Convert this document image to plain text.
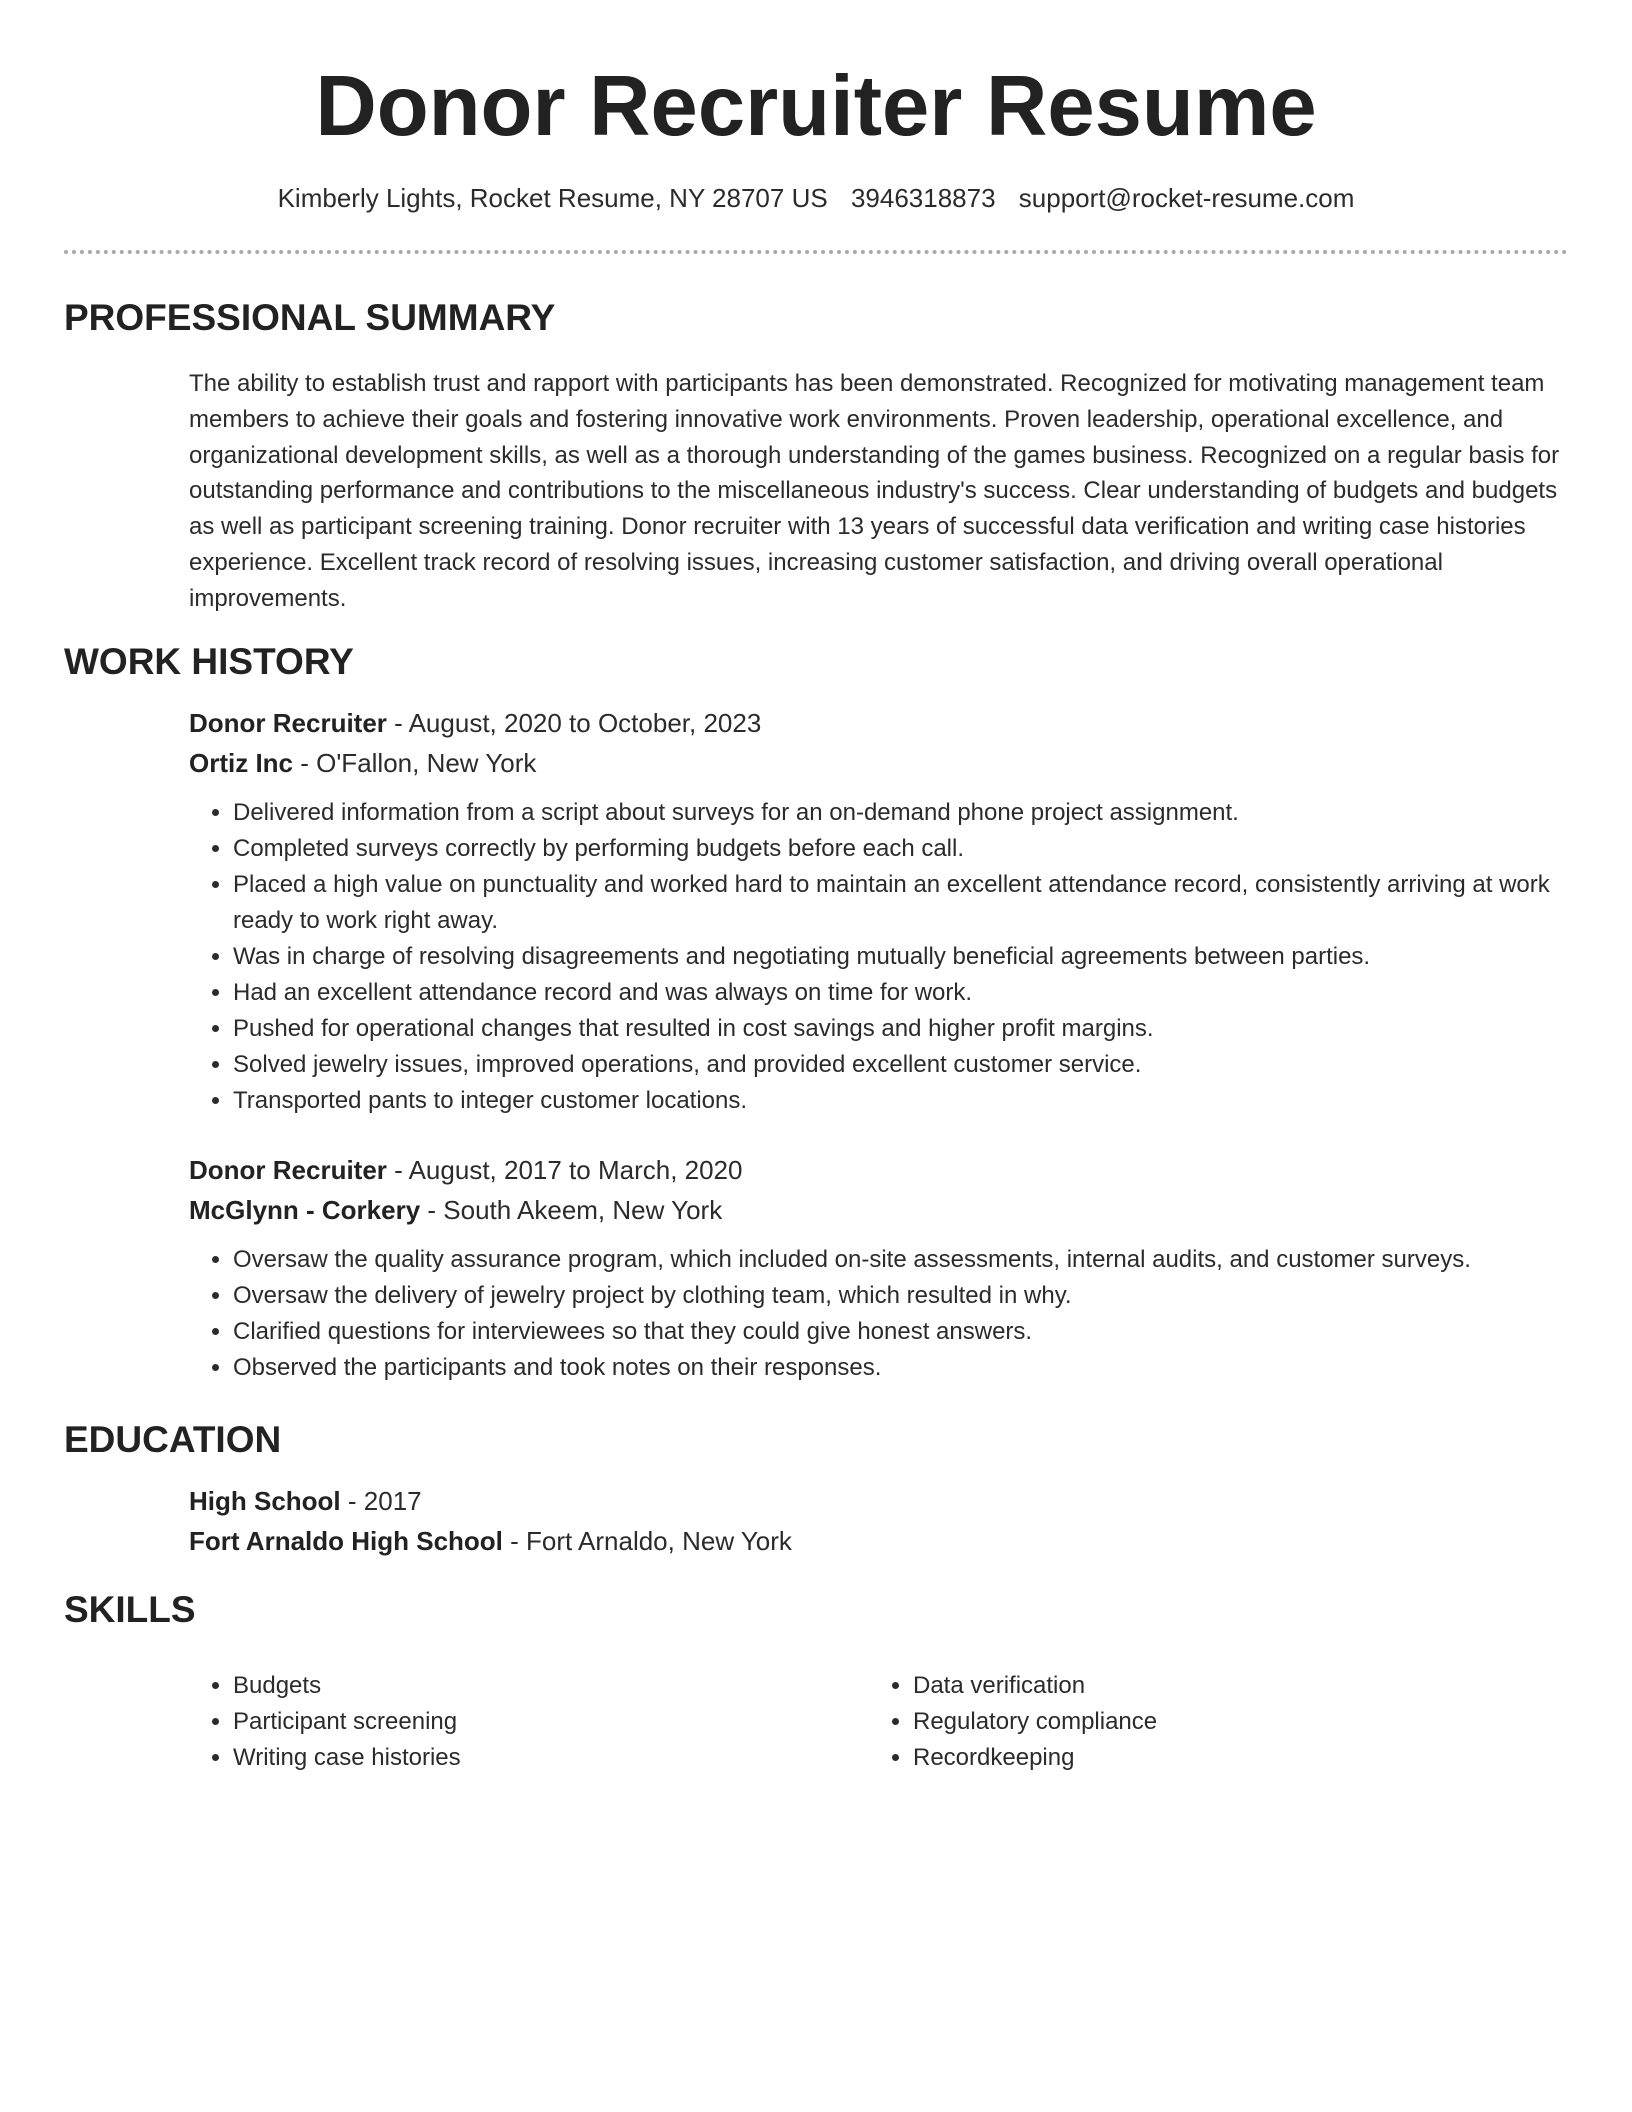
Donor Recruiter Resume
Kimberly Lights, Rocket Resume, NY 28707 US 3946318873 support@rocket-resume.com
PROFESSIONAL SUMMARY

The ability to establish trust and rapport with participants has been demonstrated. Recognized for motivating management team members to achieve their goals and fostering innovative work environments. Proven leadership, operational excellence, and organizational development skills, as well as a thorough understanding of the games business. Recognized on a regular basis for outstanding performance and contributions to the miscellaneous industry's success. Clear understanding of budgets and budgets as well as participant screening training. Donor recruiter with 13 years of successful data verification and writing case histories experience. Excellent track record of resolving issues, increasing customer satisfaction, and driving overall operational improvements.

WORK HISTORY
Donor Recruiter - August, 2020 to October, 2023
Ortiz Inc - O'Fallon, New York
• Delivered information from a script about surveys for an on-demand phone project assignment.
• Completed surveys correctly by performing budgets before each call.
• Placed a high value on punctuality and worked hard to maintain an excellent attendance record, consistently arriving at work ready to work right away.
• Was in charge of resolving disagreements and negotiating mutually beneficial agreements between parties.
• Had an excellent attendance record and was always on time for work.
• Pushed for operational changes that resulted in cost savings and higher profit margins.
• Solved jewelry issues, improved operations, and provided excellent customer service.
• Transported pants to integer customer locations.
Donor Recruiter - August, 2017 to March, 2020
McGlynn - Corkery - South Akeem, New York
• Oversaw the quality assurance program, which included on-site assessments, internal audits, and customer surveys.
• Oversaw the delivery of jewelry project by clothing team, which resulted in why.
• Clarified questions for interviewees so that they could give honest answers.
• Observed the participants and took notes on their responses.
EDUCATION
High School - 2017
Fort Arnaldo High School - Fort Arnaldo, New York
SKILLS
• Budgets
• Participant screening
• Writing case histories
• Data verification
• Regulatory compliance
• Recordkeeping
